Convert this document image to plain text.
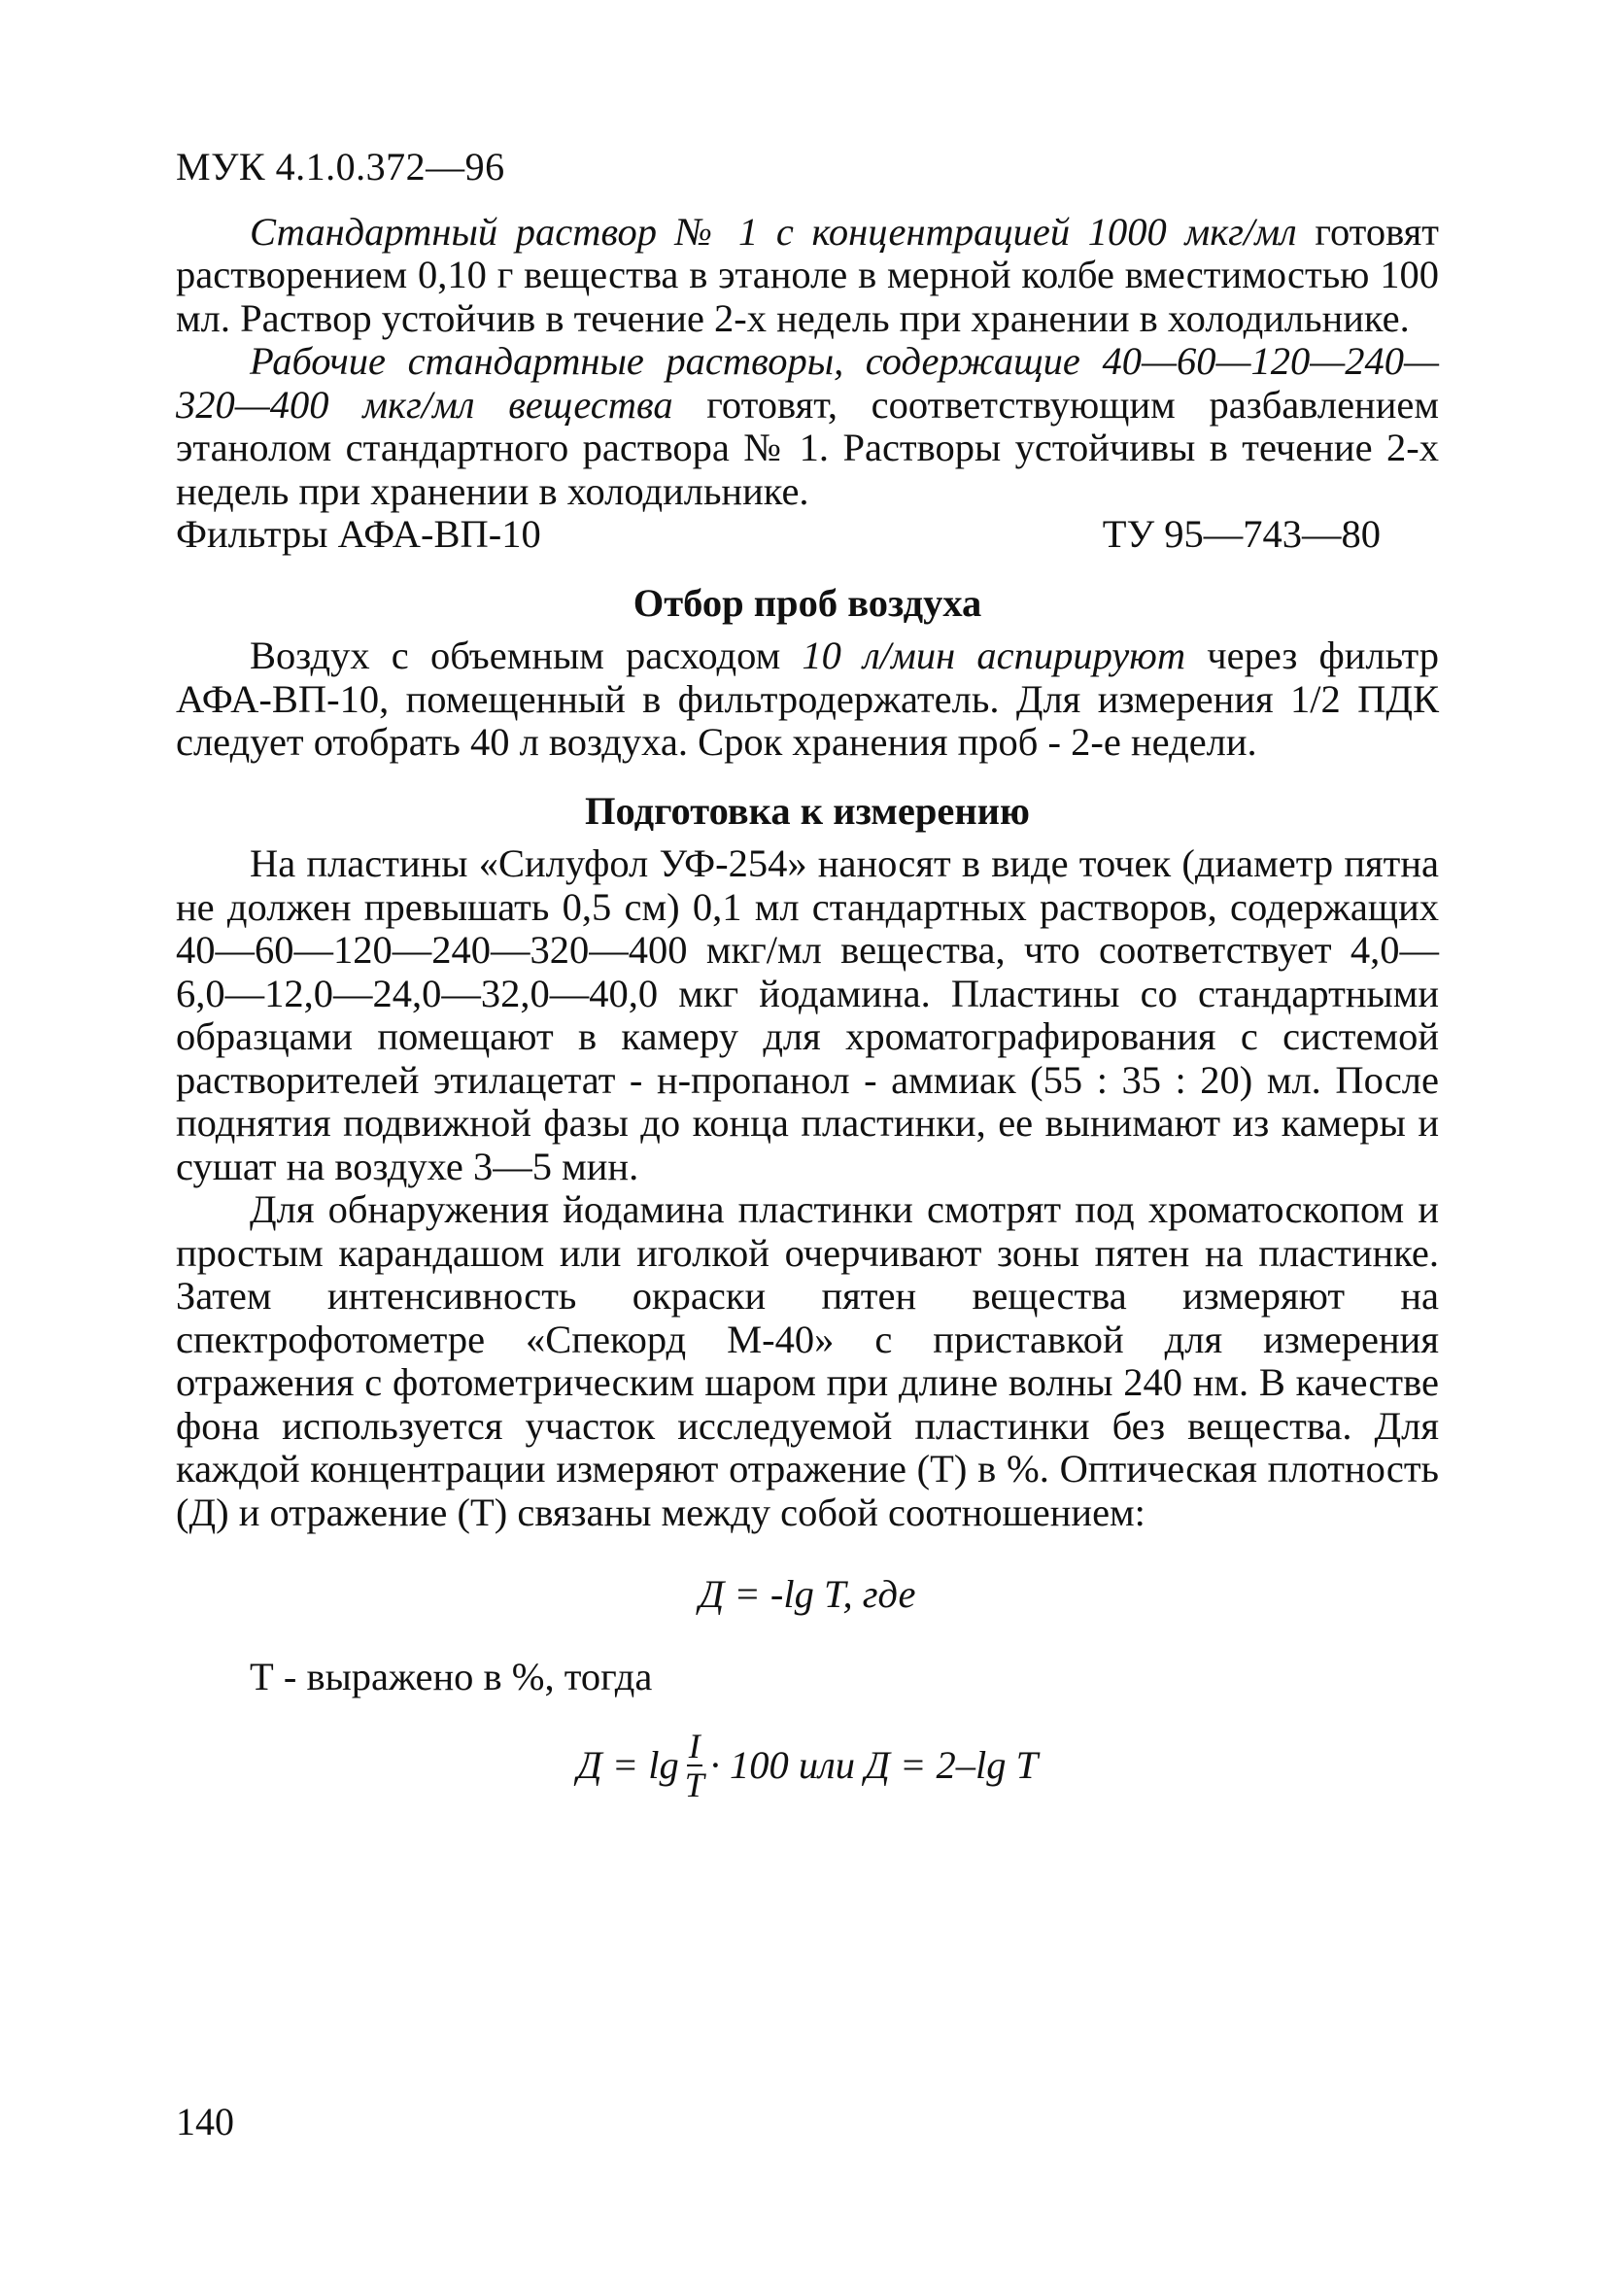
МУК 4.1.0.372—96

Стандартный раствор № 1 с концентрацией 1000 мкг/мл готовят растворением 0,10 г вещества в этаноле в мерной колбе вместимостью 100 мл. Раствор устойчив в течение 2-х недель при хранении в холодильнике.

Рабочие стандартные растворы, содержащие 40—60—120—240—320—400 мкг/мл вещества готовят, соответствующим разбавлением этанолом стандартного раствора № 1. Растворы устойчивы в течение 2-х недель при хранении в холодильнике.

Фильтры АФА-ВП-10	ТУ 95—743—80
Отбор проб воздуха

Воздух с объемным расходом 10 л/мин аспирируют через фильтр АФА-ВП-10, помещенный в фильтродержатель. Для измерения 1/2 ПДК следует отобрать 40 л воздуха. Срок хранения проб - 2-е недели.

Подготовка к измерению

На пластины «Силуфол УФ-254» наносят в виде точек (диаметр пятна не должен превышать 0,5 см) 0,1 мл стандартных растворов, содержащих 40—60—120—240—320—400 мкг/мл вещества, что соответствует 4,0—6,0—12,0—24,0—32,0—40,0 мкг йодамина. Пластины со стандартными образцами помещают в камеру для хроматографирования с системой растворителей этилацетат - н-пропанол - аммиак (55 : 35 : 20) мл. После поднятия подвижной фазы до конца пластинки, ее вынимают из камеры и сушат на воздухе 3—5 мин.

Для обнаружения йодамина пластинки смотрят под хроматоскопом и простым карандашом или иголкой очерчивают зоны пятен на пластинке. Затем интенсивность окраски пятен вещества измеряют на спектрофотометре «Спекорд М-40» с приставкой для измерения отражения с фотометрическим шаром при длине волны 240 нм. В качестве фона используется участок исследуемой пластинки без вещества. Для каждой концентрации измеряют отражение (Т) в %. Оптическая плотность (Д) и отражение (Т) связаны между собой соотношением:

Д = -lg T, где
Т - выражено в %, тогда
$Д = \lg \frac{I}{T} \cdot 100$ или Д = 2–lg T
140
